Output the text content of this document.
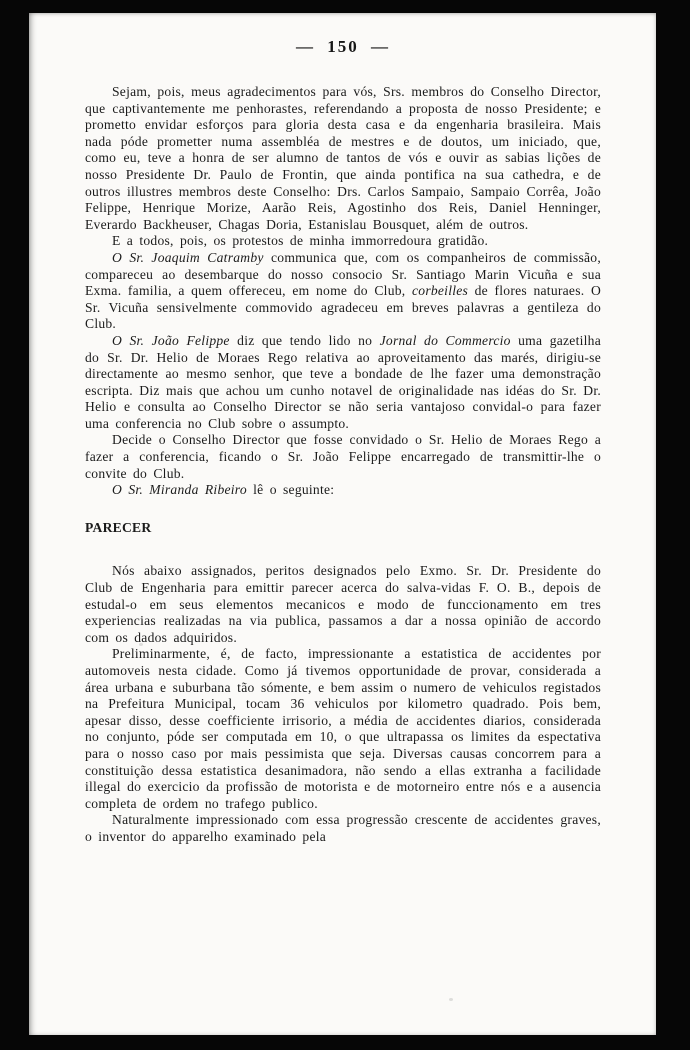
— 150 —

Sejam, pois, meus agradecimentos para vós, Srs. membros do Conselho Director, que captivantemente me penhorastes, referendando a proposta de nosso Presidente; e prometto envidar esforços para gloria desta casa e da engenharia brasileira. Mais nada póde prometter numa assembléa de mestres e de doutos, um iniciado, que, como eu, teve a honra de ser alumno de tantos de vós e ouvir as sabias lições de nosso Presidente Dr. Paulo de Frontin, que ainda pontifica na sua cathedra, e de outros illustres membros deste Conselho: Drs. Carlos Sampaio, Sampaio Corrêa, João Felippe, Henrique Morize, Aarão Reis, Agostinho dos Reis, Daniel Henninger, Everardo Backheuser, Chagas Doria, Estanislau Bousquet, além de outros.

E a todos, pois, os protestos de minha immorredoura gratidão.

O Sr. Joaquim Catramby communica que, com os companheiros de commissão, compareceu ao desembarque do nosso consocio Sr. Santiago Marin Vicuña e sua Exma. familia, a quem offereceu, em nome do Club, corbeilles de flores naturaes. O Sr. Vicuña sensivelmente commovido agradeceu em breves palavras a gentileza do Club.

O Sr. João Felippe diz que tendo lido no Jornal do Commercio uma gazetilha do Sr. Dr. Helio de Moraes Rego relativa ao aproveitamento das marés, dirigiu-se directamente ao mesmo senhor, que teve a bondade de lhe fazer uma demonstração escripta. Diz mais que achou um cunho notavel de originalidade nas idéas do Sr. Dr. Helio e consulta ao Conselho Director se não seria vantajoso convidal-o para fazer uma conferencia no Club sobre o assumpto.

Decide o Conselho Director que fosse convidado o Sr. Helio de Moraes Rego a fazer a conferencia, ficando o Sr. João Felippe encarregado de transmittir-lhe o convite do Club.

O Sr. Miranda Ribeiro lê o seguinte:

PARECER

Nós abaixo assignados, peritos designados pelo Exmo. Sr. Dr. Presidente do Club de Engenharia para emittir parecer acerca do salva-vidas F. O. B., depois de estudal-o em seus elementos mecanicos e modo de funccionamento em tres experiencias realizadas na via publica, passamos a dar a nossa opinião de accordo com os dados adquiridos.

Preliminarmente, é, de facto, impressionante a estatistica de accidentes por automoveis nesta cidade. Como já tivemos opportunidade de provar, considerada a área urbana e suburbana tão sómente, e bem assim o numero de vehiculos registados na Prefeitura Municipal, tocam 36 vehiculos por kilometro quadrado. Pois bem, apesar disso, desse coefficiente irrisorio, a média de accidentes diarios, considerada no conjunto, póde ser computada em 10, o que ultrapassa os limites da espectativa para o nosso caso por mais pessimista que seja. Diversas causas concorrem para a constituição dessa estatistica desanimadora, não sendo a ellas extranha a facilidade illegal do exercicio da profissão de motorista e de motorneiro entre nós e a ausencia completa de ordem no trafego publico.

Naturalmente impressionado com essa progressão crescente de accidentes graves, o inventor do apparelho examinado pela
